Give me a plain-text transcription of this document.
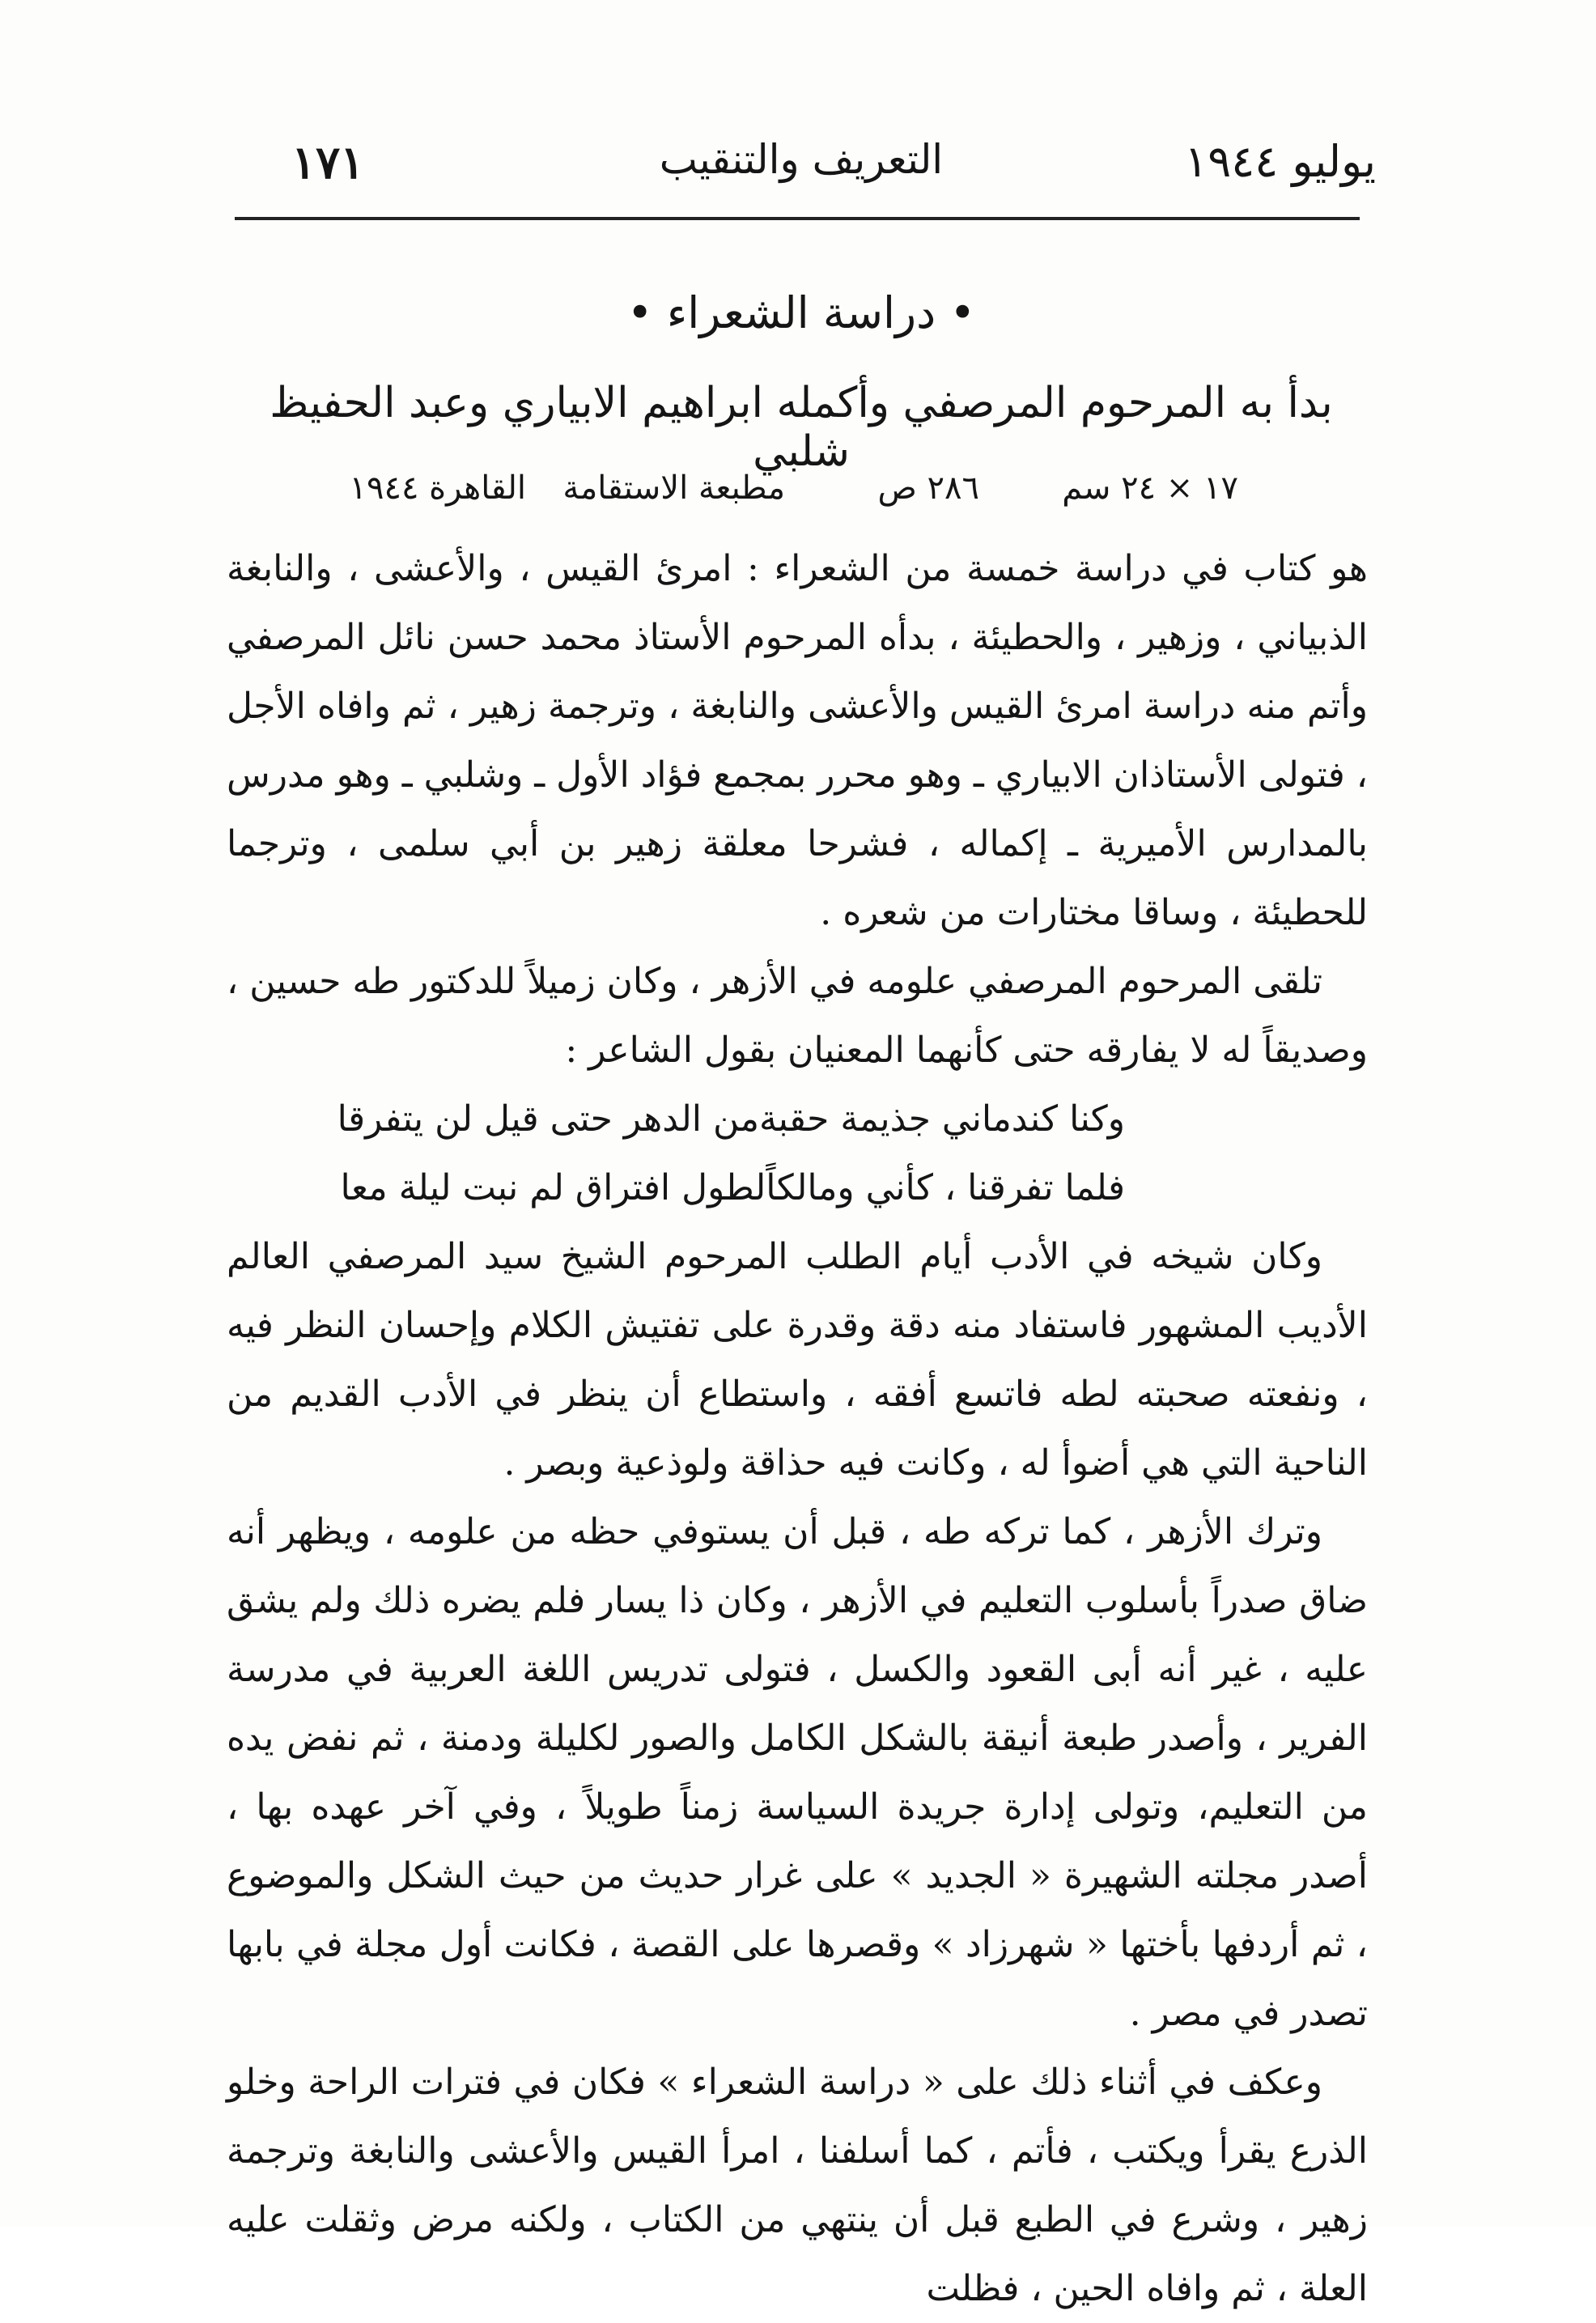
يوليو ١٩٤٤
التعريف والتنقيب
١٧١
• دراسة الشعراء •
بدأ به المرحوم المرصفي وأكمله ابراهيم الابياري وعبد الحفيظ شلبي
١٧ × ٢٤ سم
٢٨٦ ص
مطبعة الاستقامة
القاهرة ١٩٤٤

هو كتاب في دراسة خمسة من الشعراء : امرئ القيس ، والأعشى ، والنابغة الذبياني ، وزهير ، والحطيئة ، بدأه المرحوم الأستاذ محمد حسن نائل المرصفي وأتم منه دراسة امرئ القيس والأعشى والنابغة ، وترجمة زهير ، ثم وافاه الأجل ، فتولى الأستاذان الابياري ـ وهو محرر بمجمع فؤاد الأول ـ وشلبي ـ وهو مدرس بالمدارس الأميرية ـ إكماله ، فشرحا معلقة زهير بن أبي سلمى ، وترجما للحطيئة ، وساقا مختارات من شعره .

تلقى المرحوم المرصفي علومه في الأزهر ، وكان زميلاً للدكتور طه حسين ، وصديقاً له لا يفارقه حتى كأنهما المعنيان بقول الشاعر :

وكنا كندماني جذيمة حقبة
من الدهر حتى قيل لن يتفرقا
فلما تفرقنا ، كأني ومالكاً
لطول افتراق لم نبت ليلة معا

وكان شيخه في الأدب أيام الطلب المرحوم الشيخ سيد المرصفي العالم الأديب المشهور فاستفاد منه دقة وقدرة على تفتيش الكلام وإحسان النظر فيه ، ونفعته صحبته لطه فاتسع أفقه ، واستطاع أن ينظر في الأدب القديم من الناحية التي هي أضوأ له ، وكانت فيه حذاقة ولوذعية وبصر .

وترك الأزهر ، كما تركه طه ، قبل أن يستوفي حظه من علومه ، ويظهر أنه ضاق صدراً بأسلوب التعليم في الأزهر ، وكان ذا يسار فلم يضره ذلك ولم يشق عليه ، غير أنه أبى القعود والكسل ، فتولى تدريس اللغة العربية في مدرسة الفرير ، وأصدر طبعة أنيقة بالشكل الكامل والصور لكليلة ودمنة ، ثم نفض يده من التعليم، وتولى إدارة جريدة السياسة زمناً طويلاً ، وفي آخر عهده بها ، أصدر مجلته الشهيرة « الجديد » على غرار حديث من حيث الشكل والموضوع ، ثم أردفها بأختها « شهرزاد » وقصرها على القصة ، فكانت أول مجلة في بابها تصدر في مصر .

وعكف في أثناء ذلك على « دراسة الشعراء » فكان في فترات الراحة وخلو الذرع يقرأ ويكتب ، فأتم ، كما أسلفنا ، امرأ القيس والأعشى والنابغة وترجمة زهير ، وشرع في الطبع قبل أن ينتهي من الكتاب ، ولكنه مرض وثقلت عليه العلة ، ثم وافاه الحين ، فظلت
